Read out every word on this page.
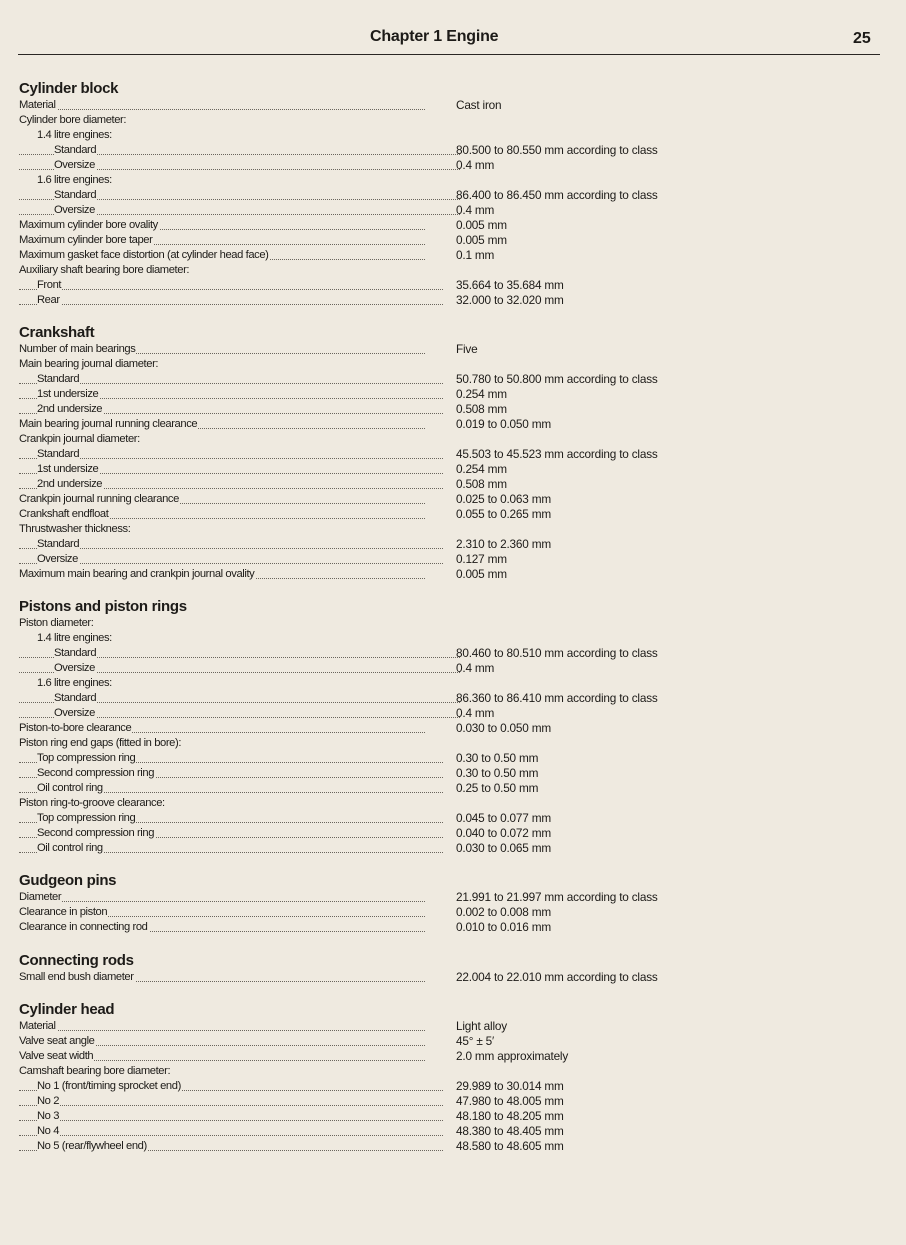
Chapter 1 Engine	25
Cylinder block
Material	Cast iron
Cylinder bore diameter:
1.4 litre engines:
Standard	80.500 to 80.550 mm according to class
Oversize	0.4 mm
1.6 litre engines:
Standard	86.400 to 86.450 mm according to class
Oversize	0.4 mm
Maximum cylinder bore ovality	0.005 mm
Maximum cylinder bore taper	0.005 mm
Maximum gasket face distortion (at cylinder head face)	0.1 mm
Auxiliary shaft bearing bore diameter:
Front	35.664 to 35.684 mm
Rear	32.000 to 32.020 mm
Crankshaft
Number of main bearings	Five
Main bearing journal diameter:
Standard	50.780 to 50.800 mm according to class
1st undersize	0.254 mm
2nd undersize	0.508 mm
Main bearing journal running clearance	0.019 to 0.050 mm
Crankpin journal diameter:
Standard	45.503 to 45.523 mm according to class
1st undersize	0.254 mm
2nd undersize	0.508 mm
Crankpin journal running clearance	0.025 to 0.063 mm
Crankshaft endfloat	0.055 to 0.265 mm
Thrustwasher thickness:
Standard	2.310 to 2.360 mm
Oversize	0.127 mm
Maximum main bearing and crankpin journal ovality	0.005 mm
Pistons and piston rings
Piston diameter:
1.4 litre engines:
Standard	80.460 to 80.510 mm according to class
Oversize	0.4 mm
1.6 litre engines:
Standard	86.360 to 86.410 mm according to class
Oversize	0.4 mm
Piston-to-bore clearance	0.030 to 0.050 mm
Piston ring end gaps (fitted in bore):
Top compression ring	0.30 to 0.50 mm
Second compression ring	0.30 to 0.50 mm
Oil control ring	0.25 to 0.50 mm
Piston ring-to-groove clearance:
Top compression ring	0.045 to 0.077 mm
Second compression ring	0.040 to 0.072 mm
Oil control ring	0.030 to 0.065 mm
Gudgeon pins
Diameter	21.991 to 21.997 mm according to class
Clearance in piston	0.002 to 0.008 mm
Clearance in connecting rod	0.010 to 0.016 mm
Connecting rods
Small end bush diameter	22.004 to 22.010 mm according to class
Cylinder head
Material	Light alloy
Valve seat angle	45° ± 5′
Valve seat width	2.0 mm approximately
Camshaft bearing bore diameter:
No 1 (front/timing sprocket end)	29.989 to 30.014 mm
No 2	47.980 to 48.005 mm
No 3	48.180 to 48.205 mm
No 4	48.380 to 48.405 mm
No 5 (rear/flywheel end)	48.580 to 48.605 mm
